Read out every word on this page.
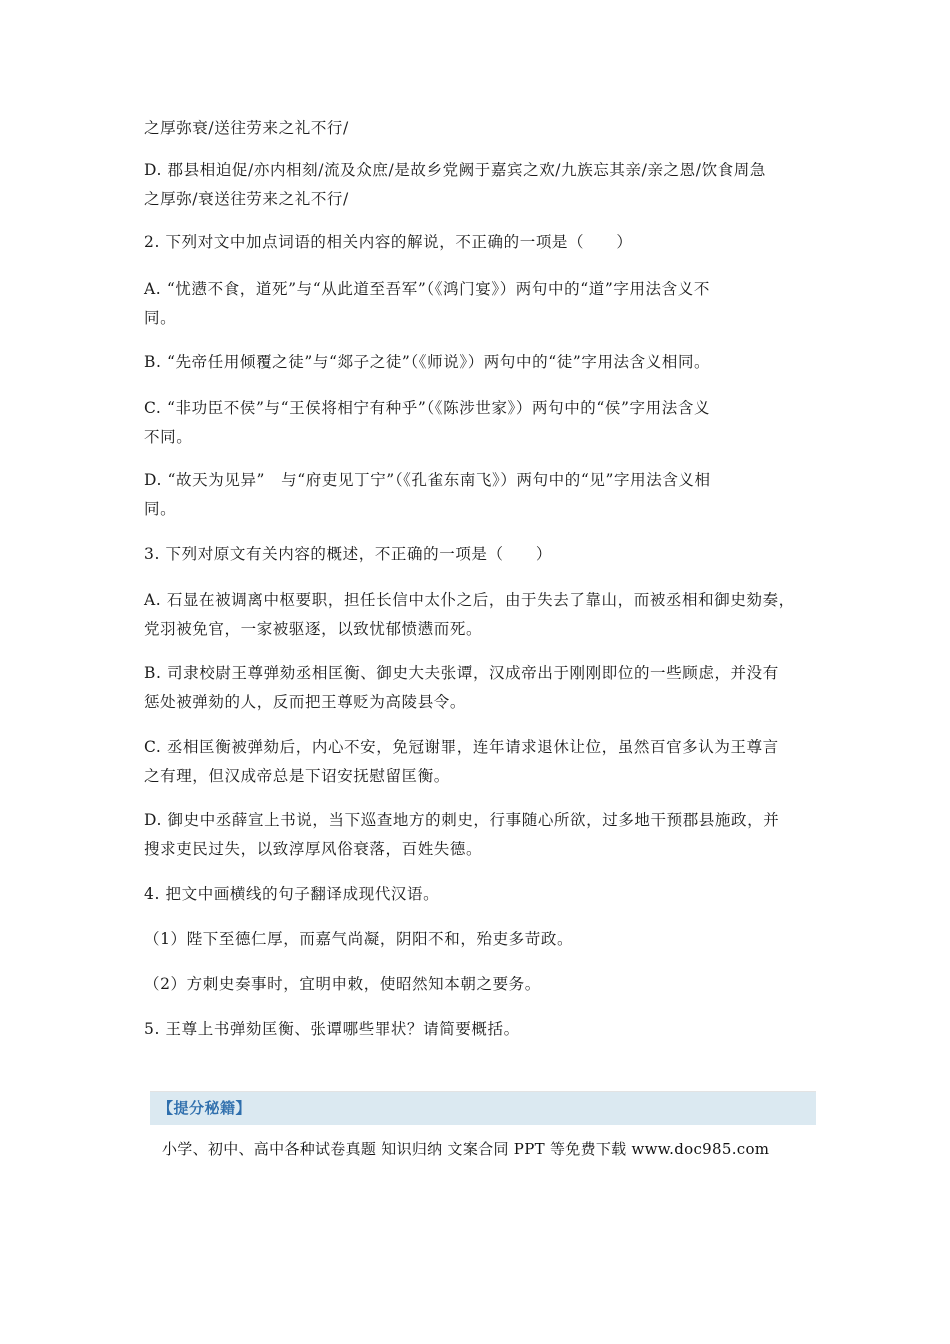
之厚弥衰/送往劳来之礼不行/
D. 郡县相迫促/亦内相刻/流及众庶/是故乡党阙于嘉宾之欢/九族忘其亲/亲之恩/饮食周急
之厚弥/衰送往劳来之礼不行/
2. 下列对文中加点词语的相关内容的解说，不正确的一项是（　　）
A. “忧懑不食，道死”与“从此道至吾军”（《鸿门宴》）两句中的“道”字用法含义不
同。
B. “先帝任用倾覆之徒”与“郯子之徒”（《师说》）两句中的“徒”字用法含义相同。
C. “非功臣不侯”与“王侯将相宁有种乎”（《陈涉世家》）两句中的“侯”字用法含义
不同。
D. “故天为见异”　与“府吏见丁宁”（《孔雀东南飞》）两句中的“见”字用法含义相
同。
3. 下列对原文有关内容的概述，不正确的一项是（　　）
A. 石显在被调离中枢要职，担任长信中太仆之后，由于失去了靠山，而被丞相和御史劾奏，
党羽被免官，一家被驱逐，以致忧郁愤懑而死。
B. 司隶校尉王尊弹劾丞相匡衡、御史大夫张谭，汉成帝出于刚刚即位的一些顾虑，并没有
惩处被弹劾的人，反而把王尊贬为高陵县令。
C. 丞相匡衡被弹劾后，内心不安，免冠谢罪，连年请求退休让位，虽然百官多认为王尊言
之有理，但汉成帝总是下诏安抚慰留匡衡。
D. 御史中丞薛宣上书说，当下巡查地方的刺史，行事随心所欲，过多地干预郡县施政，并
搜求吏民过失，以致淳厚风俗衰落，百姓失德。
4. 把文中画横线的句子翻译成现代汉语。
（1）陛下至德仁厚，而嘉气尚凝，阴阳不和，殆吏多苛政。
（2）方刺史奏事时，宜明申敕，使昭然知本朝之要务。
5. 王尊上书弹劾匡衡、张谭哪些罪状？请简要概括。
【提分秘籍】
小学、初中、高中各种试卷真题 知识归纳 文案合同 PPT 等免费下载 www.doc985.com
